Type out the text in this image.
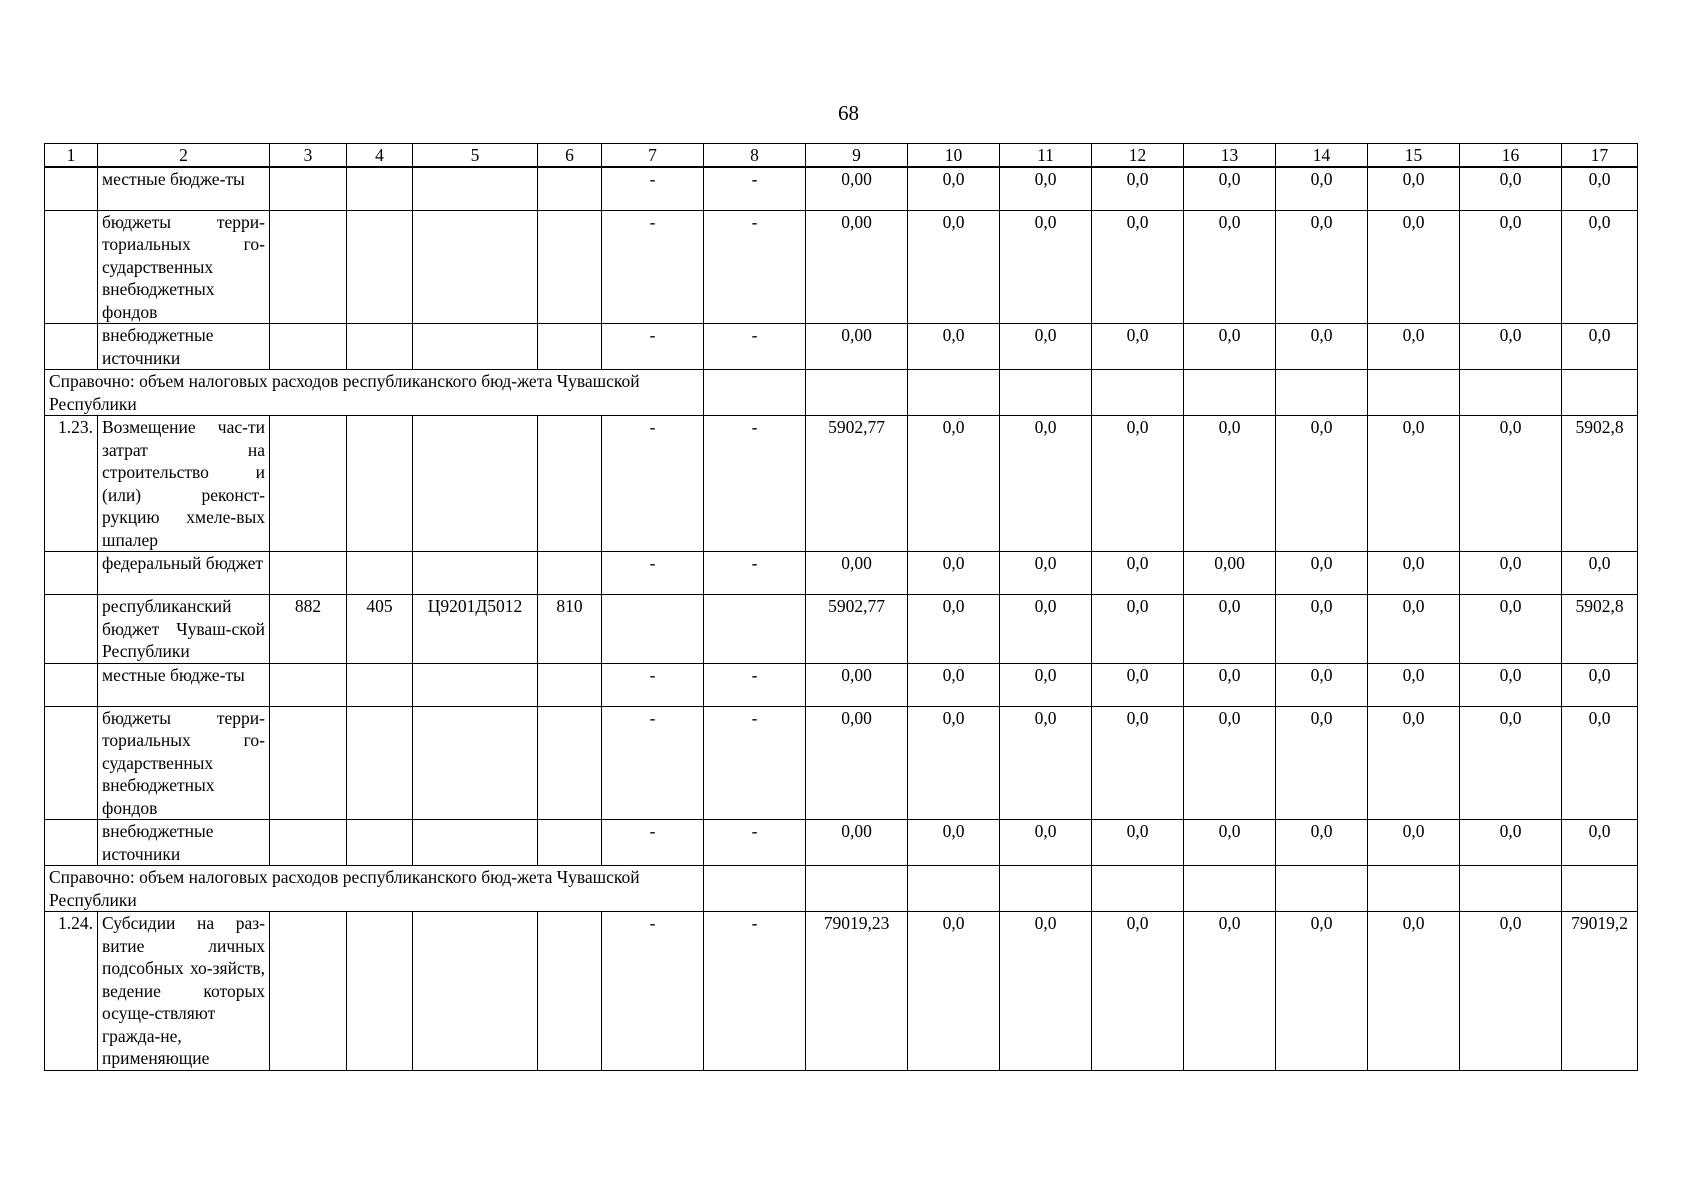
68
1	2	3	4	5	6	7	8	9	10	11	12	13	14	15	16	17
	местные бюдже-ты					-	-	0,00	0,0	0,0	0,0	0,0	0,0	0,0	0,0	0,0
	бюджеты терри-ториальных го-сударственных внебюджетных фондов					-	-	0,00	0,0	0,0	0,0	0,0	0,0	0,0	0,0	0,0
	внебюджетные источники					-	-	0,00	0,0	0,0	0,0	0,0	0,0	0,0	0,0	0,0
Справочно: объем налоговых расходов республиканского бюд-жета Чувашской Республики																
1.23.	Возмещение час-ти затрат на строительство и (или) реконст-рукцию хмеле-вых шпалер					-	-	5902,77	0,0	0,0	0,0	0,0	0,0	0,0	0,0	5902,8
	федеральный бюджет					-	-	0,00	0,0	0,0	0,0	0,00	0,0	0,0	0,0	0,0
	республиканский бюджет Чуваш-ской Республики	882	405	Ц9201Д5012	810			5902,77	0,0	0,0	0,0	0,0	0,0	0,0	0,0	5902,8
	местные бюдже-ты					-	-	0,00	0,0	0,0	0,0	0,0	0,0	0,0	0,0	0,0
	бюджеты терри-ториальных го-сударственных внебюджетных фондов					-	-	0,00	0,0	0,0	0,0	0,0	0,0	0,0	0,0	0,0
	внебюджетные источники					-	-	0,00	0,0	0,0	0,0	0,0	0,0	0,0	0,0	0,0
Справочно: объем налоговых расходов республиканского бюд-жета Чувашской Республики																
1.24.	Субсидии на раз-витие личных подсобных хо-зяйств, ведение которых осуще-ствляют гражда-не, применяющие					-	-	79019,23	0,0	0,0	0,0	0,0	0,0	0,0	0,0	79019,2
